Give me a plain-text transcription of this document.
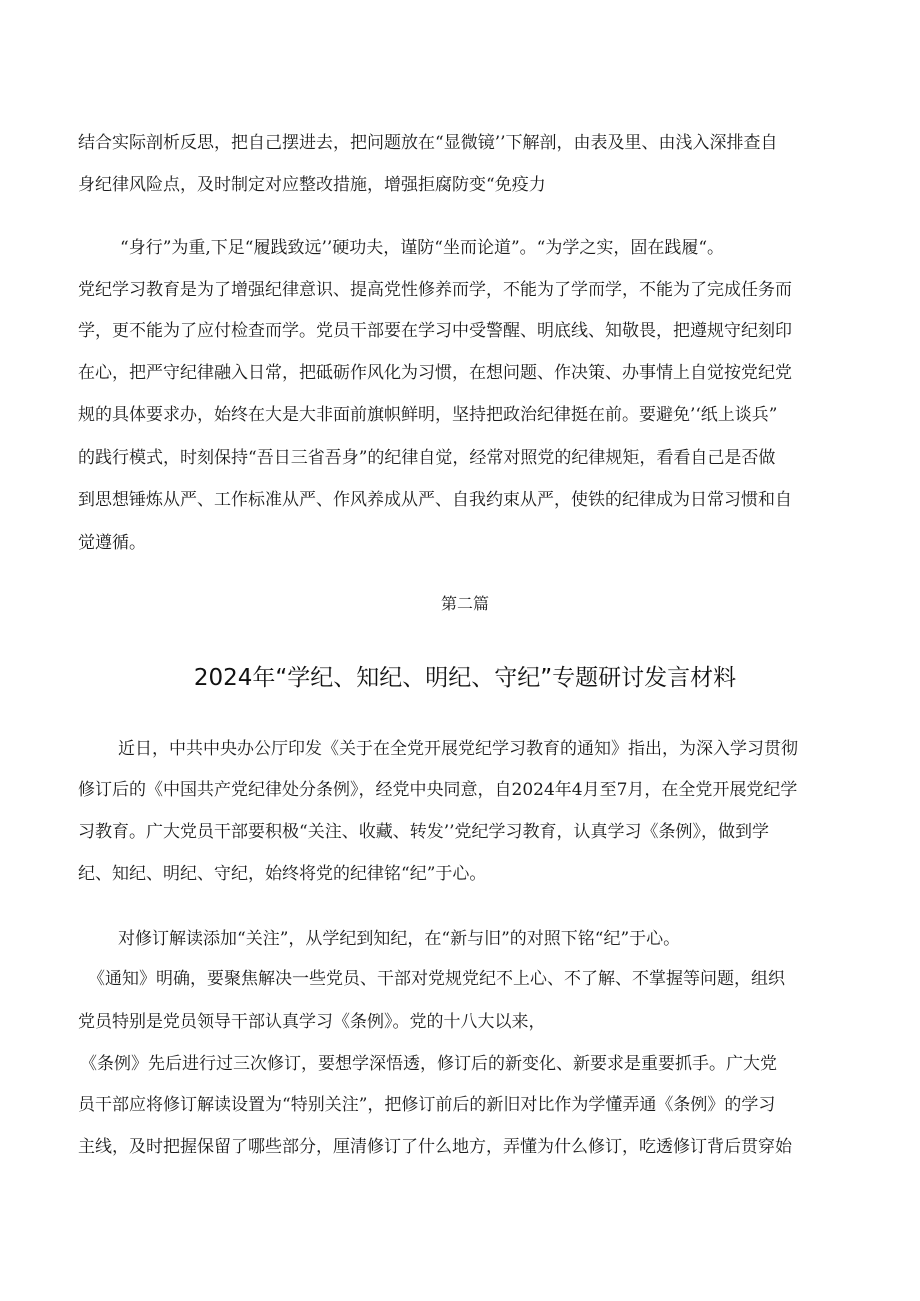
结合实际剖析反思，把自己摆进去，把问题放在“显微镜’’下解剖，由表及里、由浅入深排查自
身纪律风险点，及时制定对应整改措施，增强拒腐防变“免疫力
“身行”为重,下足“履践致远’’硬功夫，谨防“坐而论道”。“为学之实，固在践履“。
党纪学习教育是为了增强纪律意识、提高党性修养而学，不能为了学而学，不能为了完成任务而
学，更不能为了应付检查而学。党员干部要在学习中受警醒、明底线、知敬畏，把遵规守纪刻印
在心，把严守纪律融入日常，把砥砺作风化为习惯，在想问题、作决策、办事情上自觉按党纪党
规的具体要求办，始终在大是大非面前旗帜鲜明，坚持把政治纪律挺在前。要避免’‘纸上谈兵”
的践行模式，时刻保持“吾日三省吾身”的纪律自觉，经常对照党的纪律规矩，看看自己是否做
到思想锤炼从严、工作标准从严、作风养成从严、自我约束从严，使铁的纪律成为日常习惯和自
觉遵循。
第二篇
2024年“学纪、知纪、明纪、守纪”专题研讨发言材料
近日，中共中央办公厅印发《关于在全党开展党纪学习教育的通知》指出，为深入学习贯彻
修订后的《中国共产党纪律处分条例》，经党中央同意，自2024年4月至7月，在全党开展党纪学
习教育。广大党员干部要积极“关注、收藏、转发’’党纪学习教育，认真学习《条例》，做到学
纪、知纪、明纪、守纪，始终将党的纪律铭“纪”于心。
对修订解读添加“关注”，从学纪到知纪，在“新与旧”的对照下铭“纪”于心。
《通知》明确，要聚焦解决一些党员、干部对党规党纪不上心、不了解、不掌握等问题，组织
党员特别是党员领导干部认真学习《条例》。党的十八大以来，
《条例》先后进行过三次修订，要想学深悟透，修订后的新变化、新要求是重要抓手。广大党
员干部应将修订解读设置为“特别关注”，把修订前后的新旧对比作为学懂弄通《条例》的学习
主线，及时把握保留了哪些部分，厘清修订了什么地方，弄懂为什么修订，吃透修订背后贯穿始
